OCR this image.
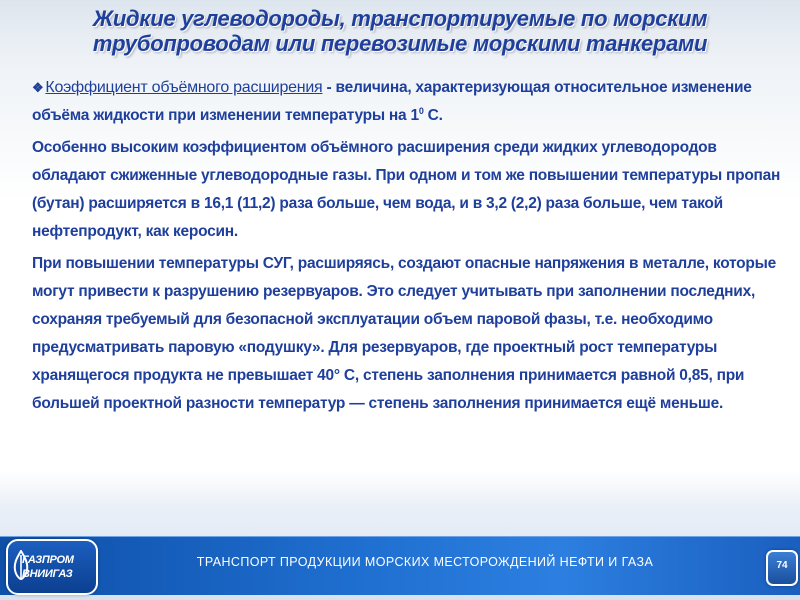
Жидкие углеводороды, транспортируемые по морским
трубопроводам или перевозимые морскими танкерами

❖ Коэффициент объёмного расширения - величина, характеризующая относительное изменение объёма жидкости при изменении температуры на $1^0$ С.

Особенно высоким коэффициентом объёмного расширения среди жидких углеводородов обладают сжиженные углеводородные газы. При одном и том же повышении температуры пропан (бутан) расширяется в 16,1 (11,2) раза больше, чем вода, и в 3,2 (2,2) раза больше, чем такой нефтепродукт, как керосин.

При повышении температуры СУГ, расширяясь, создают опасные напряжения в металле, которые могут привести к разрушению резервуаров. Это следует учитывать при заполнении последних, сохраняя требуемый для безопасной эксплуатации объем паровой фазы, т.е. необходимо предусматривать паровую «подушку». Для резервуаров, где проектный рост температуры хранящегося продукта не превышает 40° С, степень заполнения принимается равной 0,85, при большей проектной разности температур — степень заполнения принимается ещё меньше.

ГАЗПРОМ
ВНИИГАЗ
ТРАНСПОРТ ПРОДУКЦИИ МОРСКИХ МЕСТОРОЖДЕНИЙ НЕФТИ И ГАЗА	74
